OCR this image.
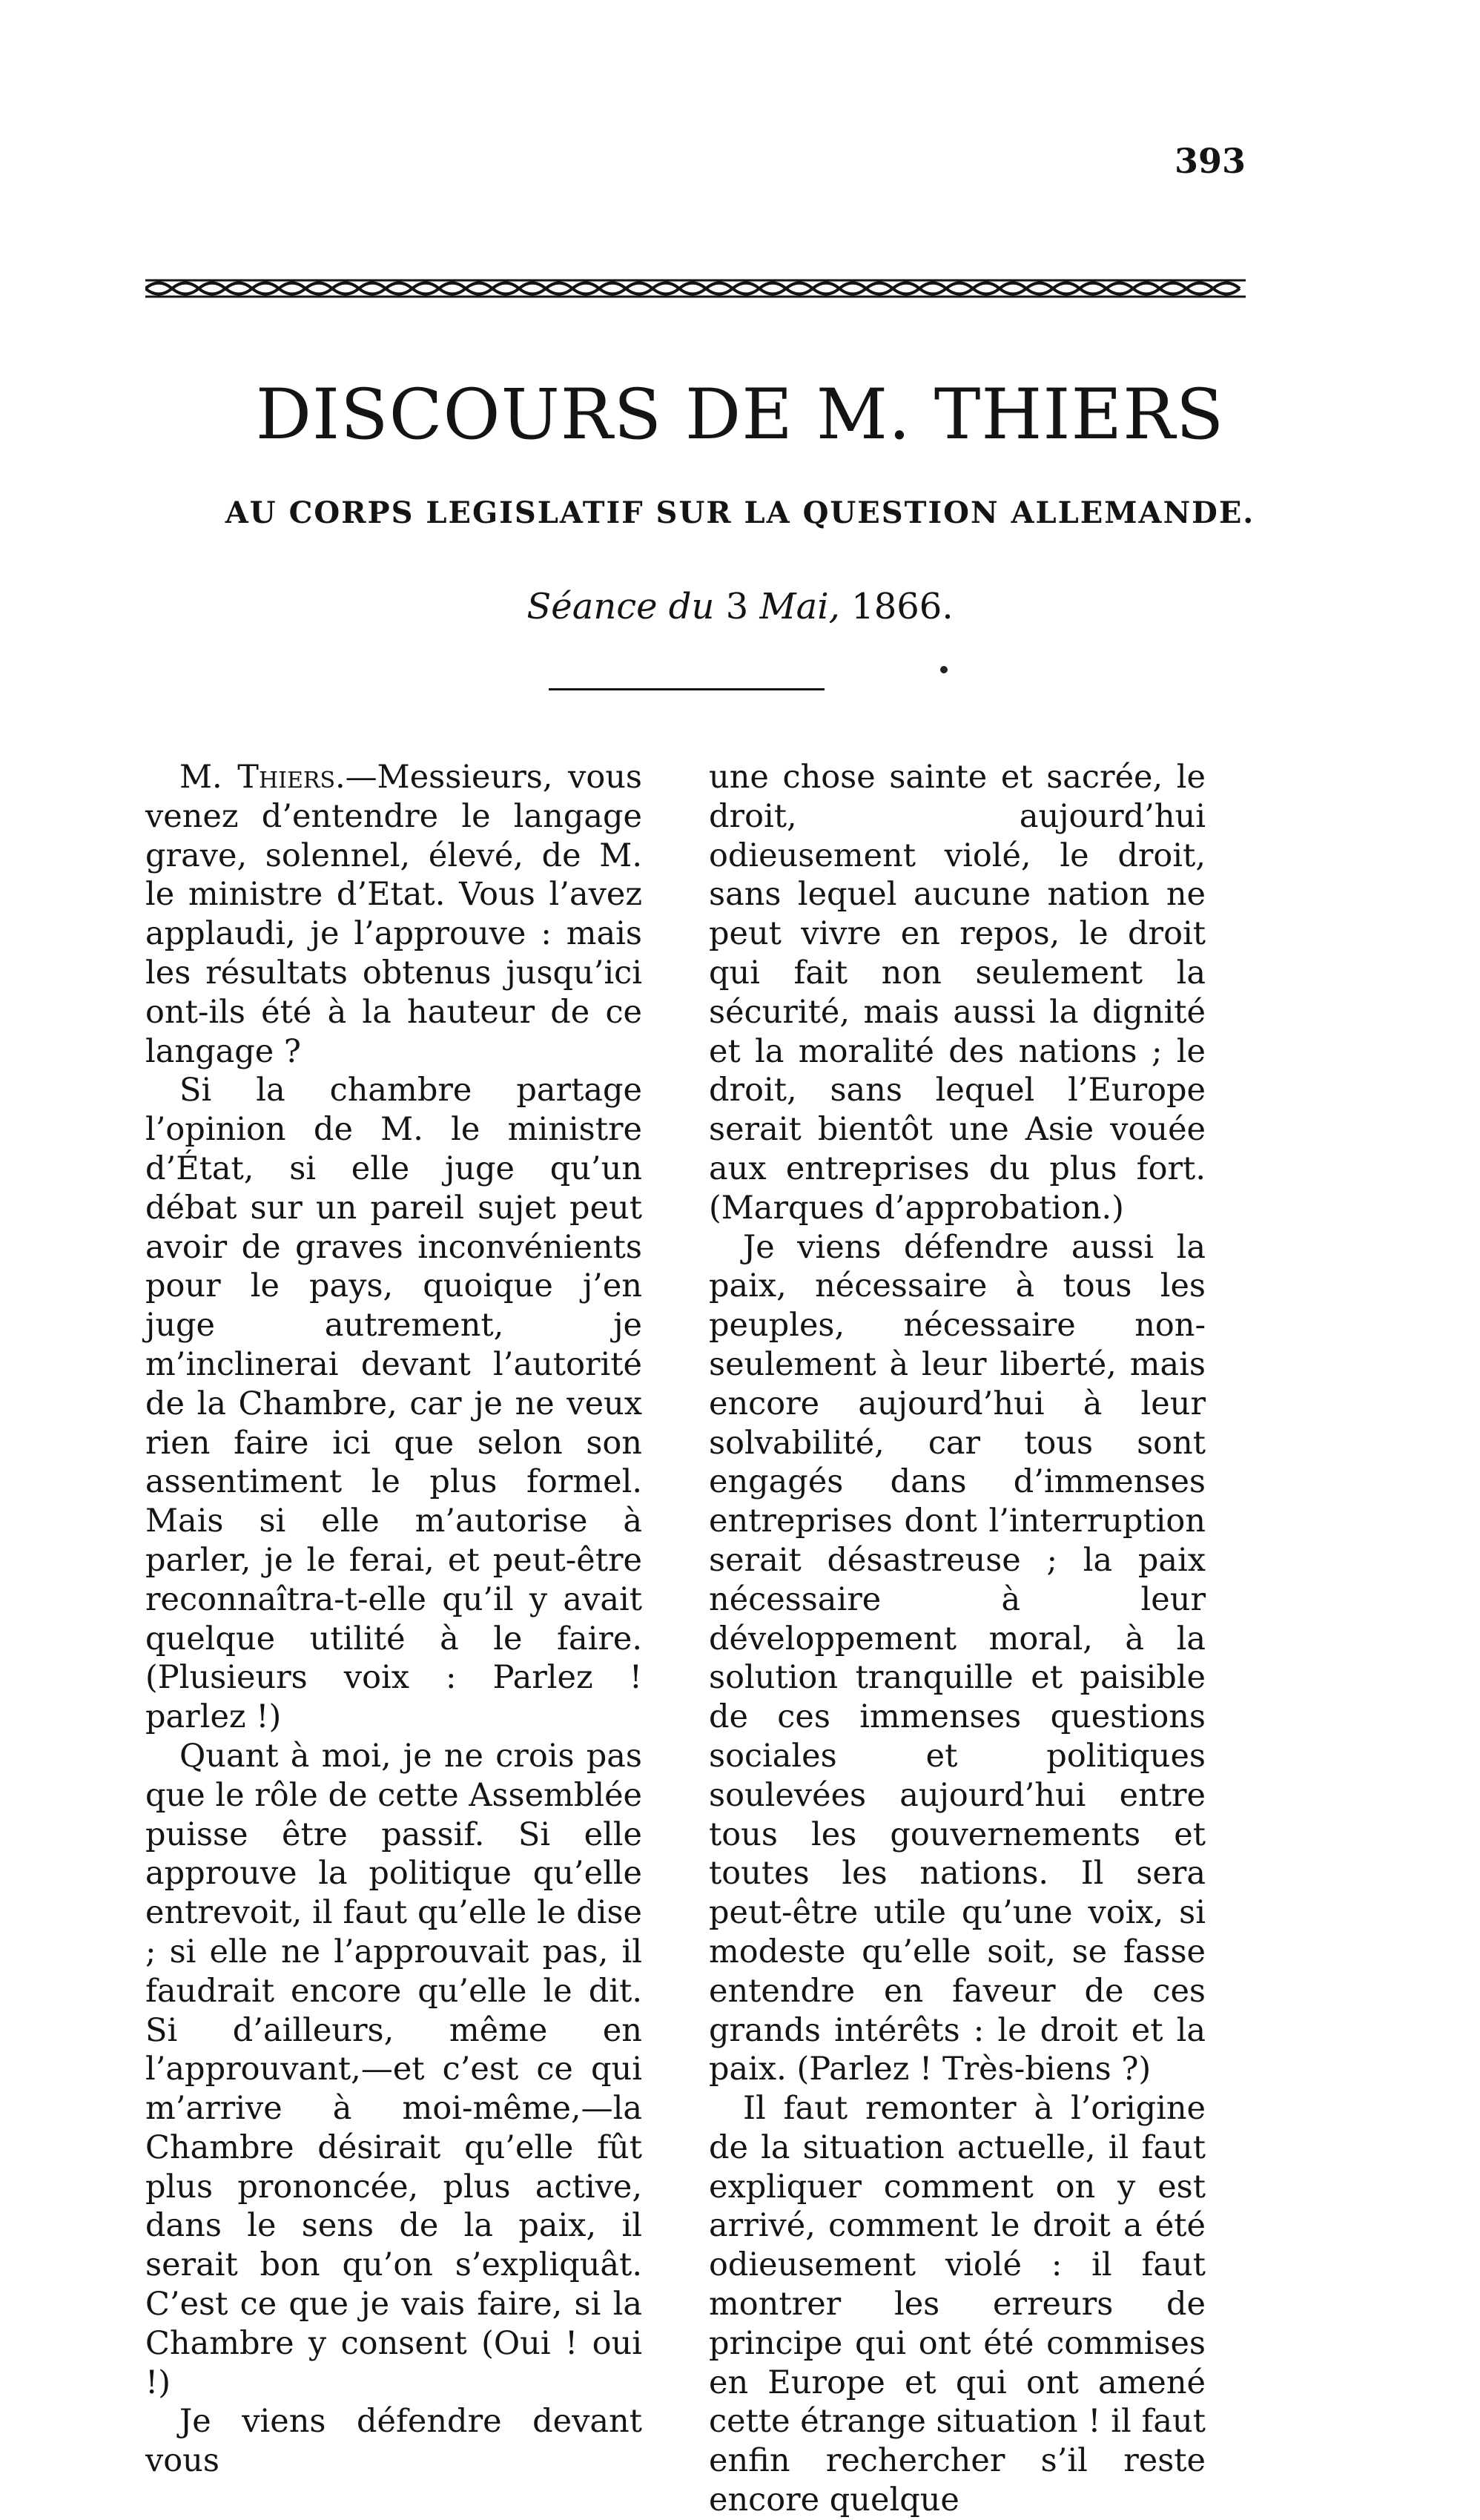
393
DISCOURS DE M. THIERS
AU CORPS LEGISLATIF SUR LA QUESTION ALLEMANDE.
Séance du 3 Mai, 1866.

M. Thiers.—Messieurs, vous venez d’entendre le langage grave, solennel, élevé, de M. le ministre d’Etat. Vous l’avez applaudi, je l’approuve : mais les résultats obtenus jusqu’ici ont-ils été à la hauteur de ce langage ?

Si la chambre partage l’opinion de M. le ministre d’État, si elle juge qu’un débat sur un pareil sujet peut avoir de graves inconvénients pour le pays, quoique j’en juge autrement, je m’inclinerai devant l’autorité de la Chambre, car je ne veux rien faire ici que selon son assentiment le plus formel. Mais si elle m’autorise à parler, je le ferai, et peut-être reconnaîtra-t-elle qu’il y avait quelque utilité à le faire. (Plusieurs voix : Parlez ! parlez !)

Quant à moi, je ne crois pas que le rôle de cette Assemblée puisse être passif. Si elle approuve la politique qu’elle entrevoit, il faut qu’elle le dise ; si elle ne l’approuvait pas, il faudrait encore qu’elle le dit. Si d’ailleurs, même en l’approuvant,—et c’est ce qui m’arrive à moi-même,—la Chambre désirait qu’elle fût plus prononcée, plus active, dans le sens de la paix, il serait bon qu’on s’expliquât. C’est ce que je vais faire, si la Chambre y consent (Oui ! oui !)

Je viens défendre devant vous

une chose sainte et sacrée, le droit, aujourd’hui odieusement violé, le droit, sans lequel aucune nation ne peut vivre en repos, le droit qui fait non seulement la sécurité, mais aussi la dignité et la moralité des nations ; le droit, sans lequel l’Europe serait bientôt une Asie vouée aux entreprises du plus fort. (Marques d’approbation.)

Je viens défendre aussi la paix, nécessaire à tous les peuples, nécessaire non-seulement à leur liberté, mais encore aujourd’hui à leur solvabilité, car tous sont engagés dans d’immenses entreprises dont l’interruption serait désastreuse ; la paix nécessaire à leur développement moral, à la solution tranquille et paisible de ces immenses questions sociales et politiques soulevées aujourd’hui entre tous les gouvernements et toutes les nations. Il sera peut-être utile qu’une voix, si modeste qu’elle soit, se fasse entendre en faveur de ces grands intérêts : le droit et la paix. (Parlez ! Très-biens ?)

Il faut remonter à l’origine de la situation actuelle, il faut expliquer comment on y est arrivé, comment le droit a été odieusement violé : il faut montrer les erreurs de principe qui ont été commises en Europe et qui ont amené cette étrange situation ! il faut enfin rechercher s’il reste encore quelque
